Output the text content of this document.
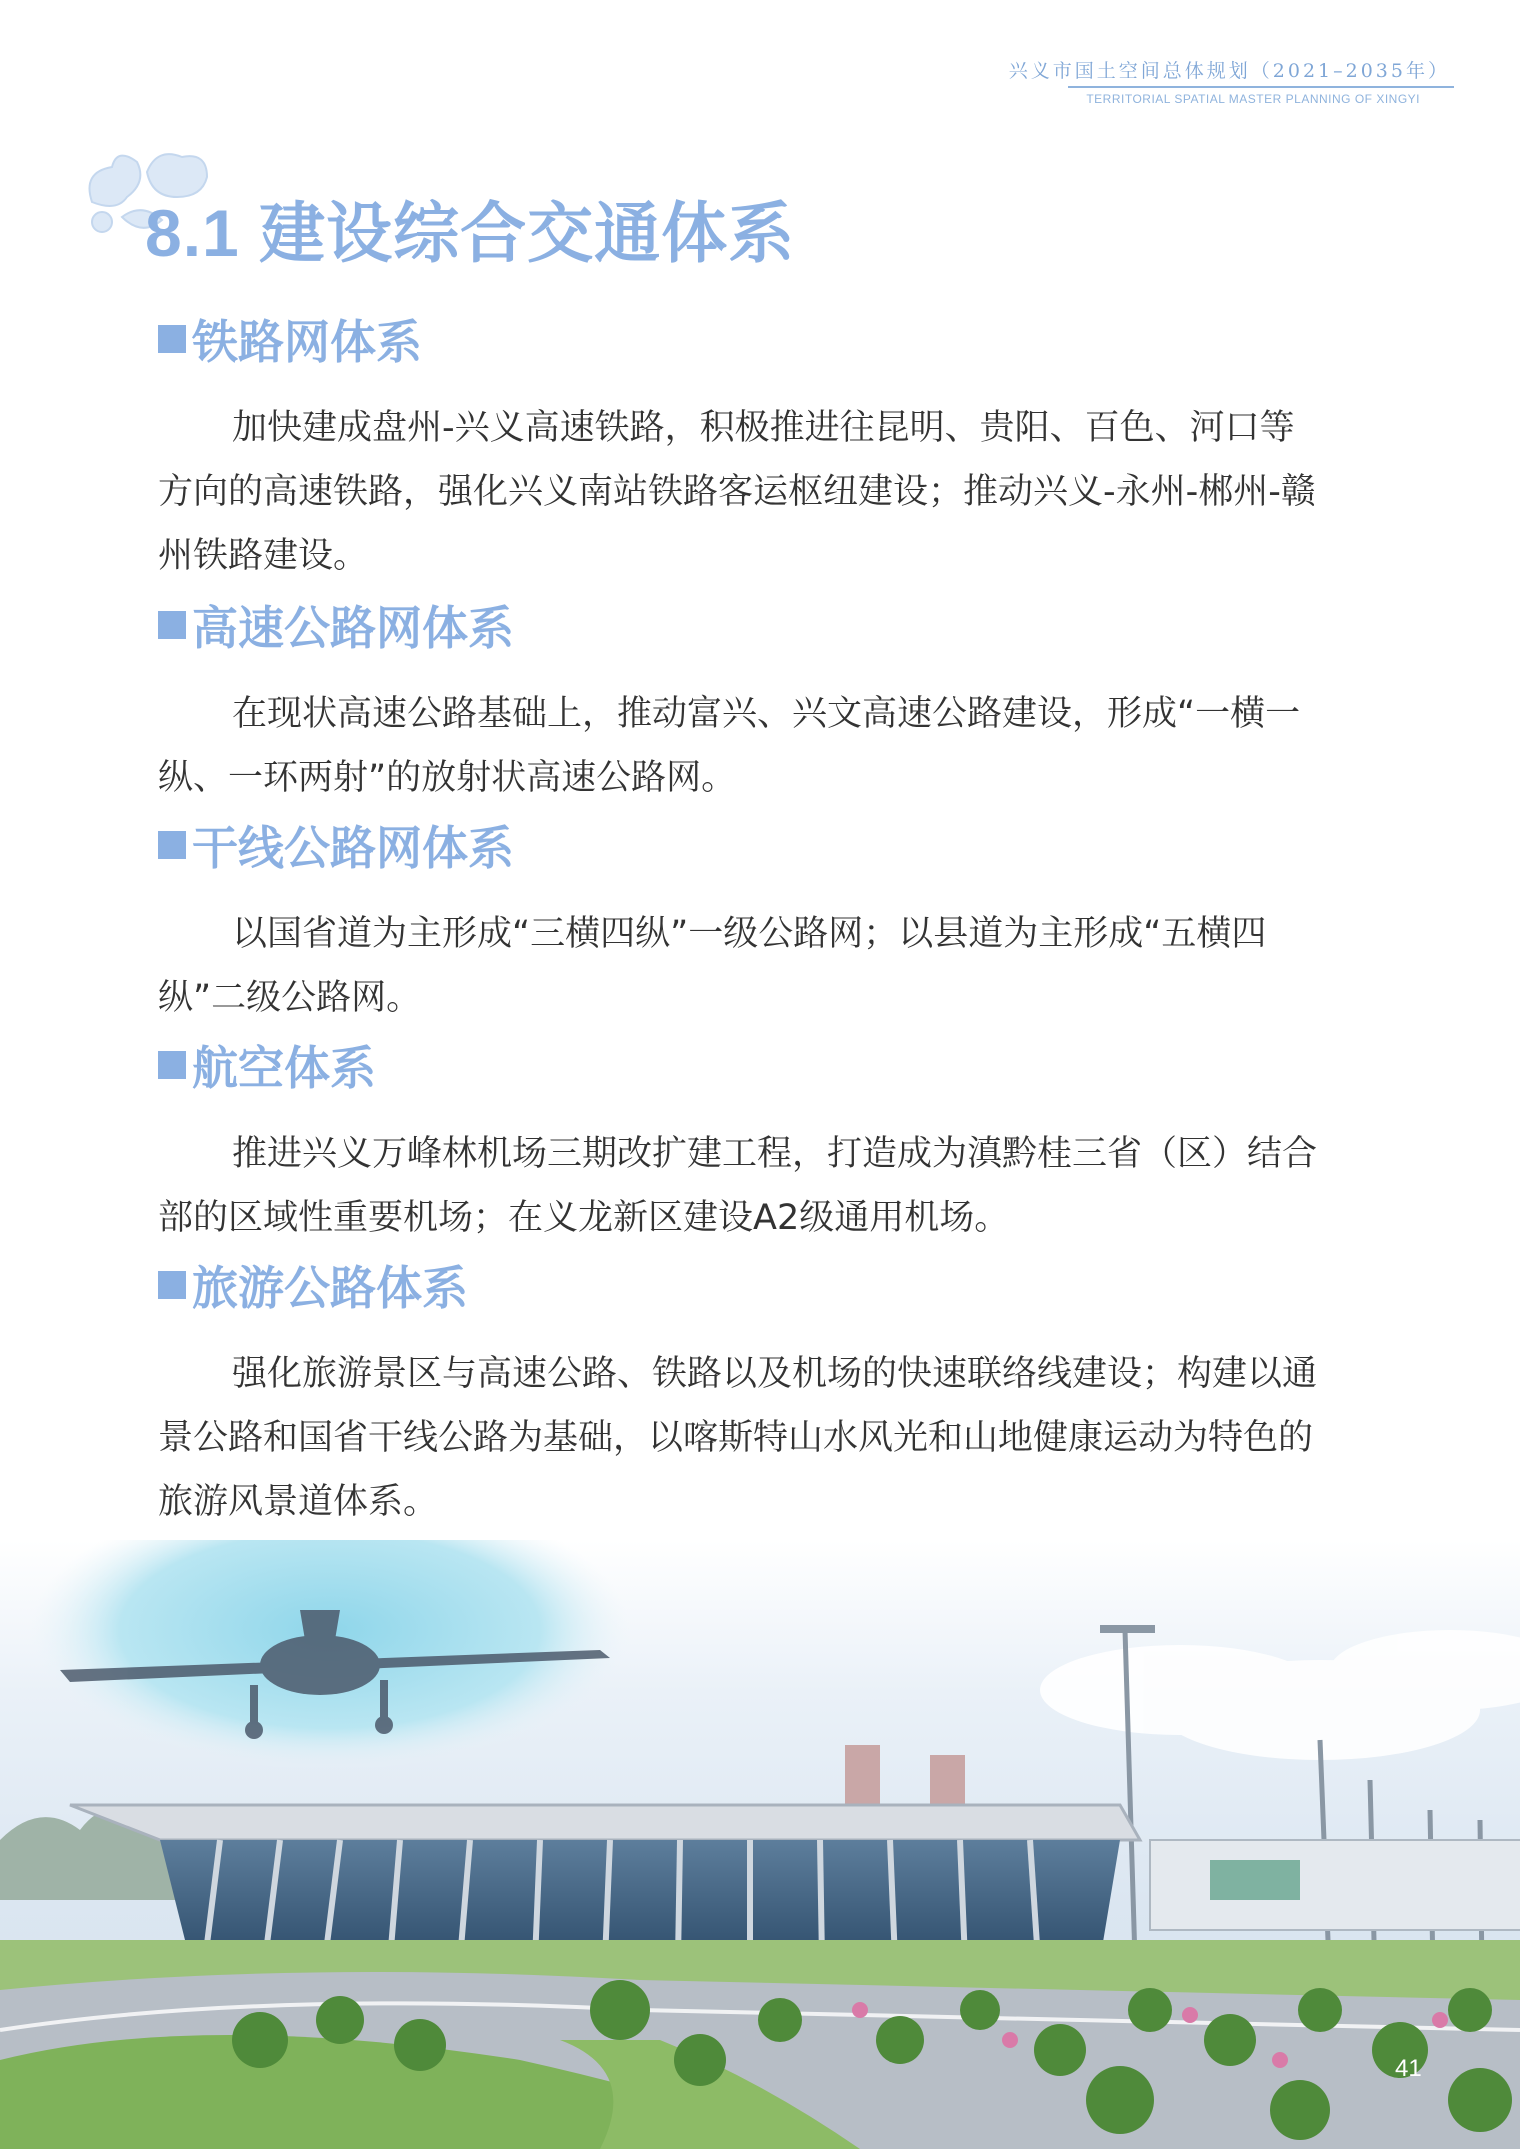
兴义市国土空间总体规划（2021–2035年）
TERRITORIAL SPATIAL MASTER PLANNING OF XINGYI
8.1 建设综合交通体系
铁路网体系
加快建成盘州-兴义高速铁路，积极推进往昆明、贵阳、百色、河口等
方向的高速铁路，强化兴义南站铁路客运枢纽建设；推动兴义-永州-郴州-赣
州铁路建设。
高速公路网体系
在现状高速公路基础上，推动富兴、兴文高速公路建设，形成“一横一
纵、一环两射”的放射状高速公路网。
干线公路网体系
以国省道为主形成“三横四纵”一级公路网；以县道为主形成“五横四
纵”二级公路网。
航空体系
推进兴义万峰林机场三期改扩建工程，打造成为滇黔桂三省（区）结合
部的区域性重要机场；在义龙新区建设A2级通用机场。
旅游公路体系
强化旅游景区与高速公路、铁路以及机场的快速联络线建设；构建以通
景公路和国省干线公路为基础，以喀斯特山水风光和山地健康运动为特色的
旅游风景道体系。
41
